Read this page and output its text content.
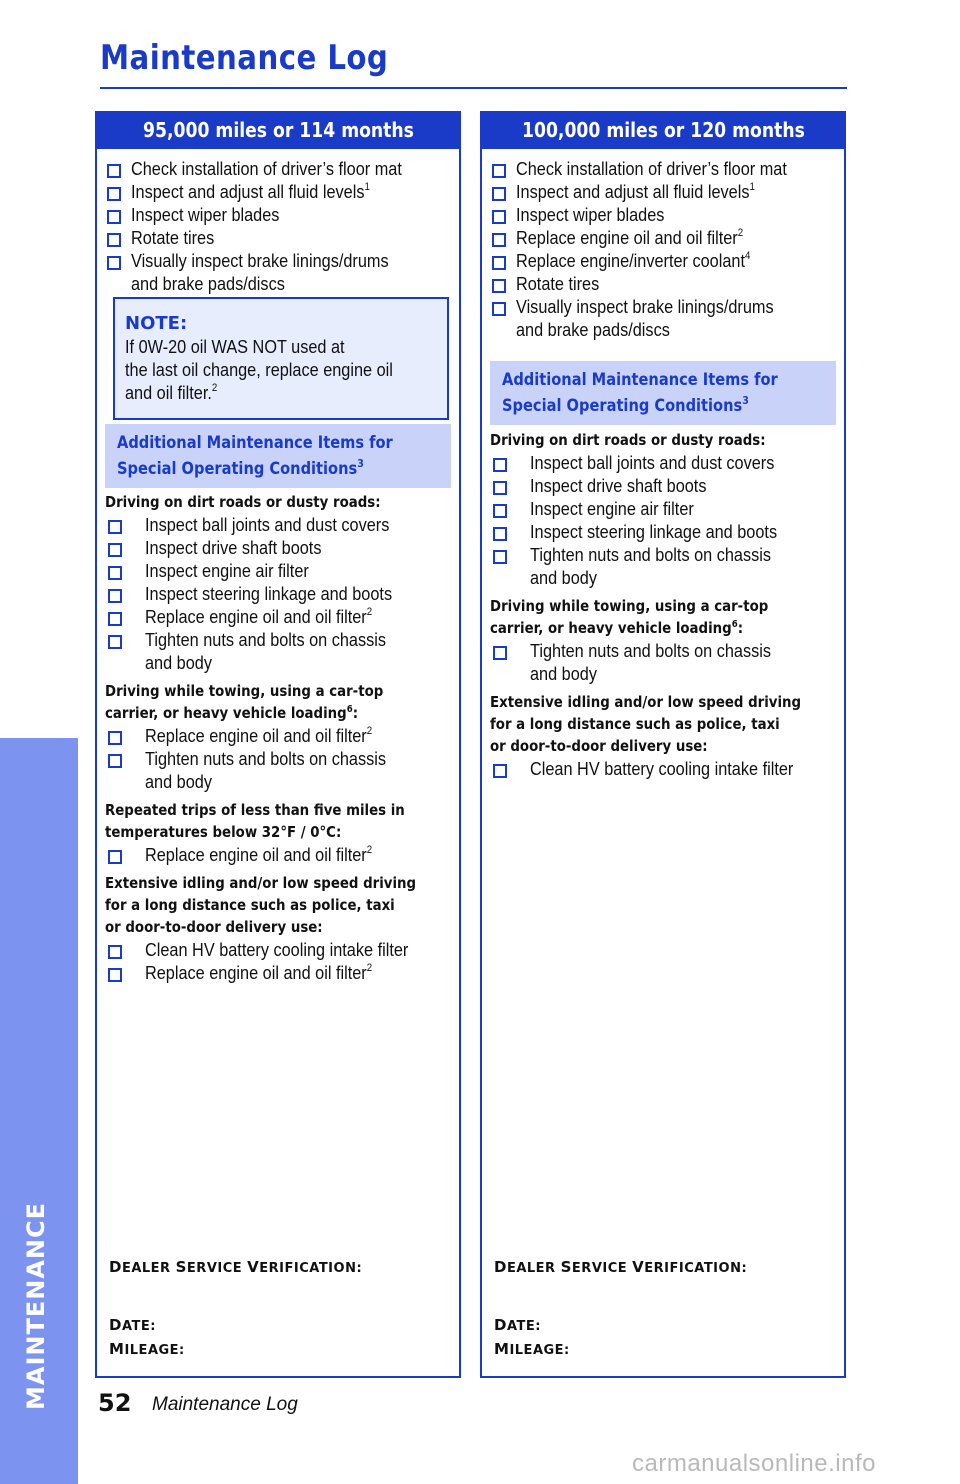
Maintenance Log
MAINTENANCE
95,000 miles or 114 months
Check installation of driver’s floor mat
Inspect and adjust all fluid levels$^1$
Inspect wiper blades
Rotate tires
Visually inspect brake linings/drums
and brake pads/discs
NOTE: If 0W-20 oil WAS NOT used at
the last oil change, replace engine oil
and oil filter.$^2$
Additional Maintenance Items for
Special Operating Conditions$^3$
Driving on dirt roads or dusty roads:
Inspect ball joints and dust covers
Inspect drive shaft boots
Inspect engine air filter
Inspect steering linkage and boots
Replace engine oil and oil filter$^2$
Tighten nuts and bolts on chassis
and body
Driving while towing, using a car-top
carrier, or heavy vehicle loading$^6$:
Replace engine oil and oil filter$^2$
Tighten nuts and bolts on chassis
and body
Repeated trips of less than five miles in
temperatures below 32°F / 0°C:
Replace engine oil and oil filter$^2$
Extensive idling and/or low speed driving
for a long distance such as police, taxi
or door-to-door delivery use:
Clean HV battery cooling intake filter
Replace engine oil and oil filter$^2$
DEALER SERVICE VERIFICATION:
DATE:
MILEAGE:
100,000 miles or 120 months
Check installation of driver’s floor mat
Inspect and adjust all fluid levels$^1$
Inspect wiper blades
Replace engine oil and oil filter$^2$
Replace engine/inverter coolant$^4$
Rotate tires
Visually inspect brake linings/drums
and brake pads/discs
Additional Maintenance Items for
Special Operating Conditions$^3$
Driving on dirt roads or dusty roads:
Inspect ball joints and dust covers
Inspect drive shaft boots
Inspect engine air filter
Inspect steering linkage and boots
Tighten nuts and bolts on chassis
and body
Driving while towing, using a car-top
carrier, or heavy vehicle loading$^6$:
Tighten nuts and bolts on chassis
and body
Extensive idling and/or low speed driving
for a long distance such as police, taxi
or door-to-door delivery use:
Clean HV battery cooling intake filter
DEALER SERVICE VERIFICATION:
DATE:
MILEAGE:
52 Maintenance Log
carmanualsonline.info
